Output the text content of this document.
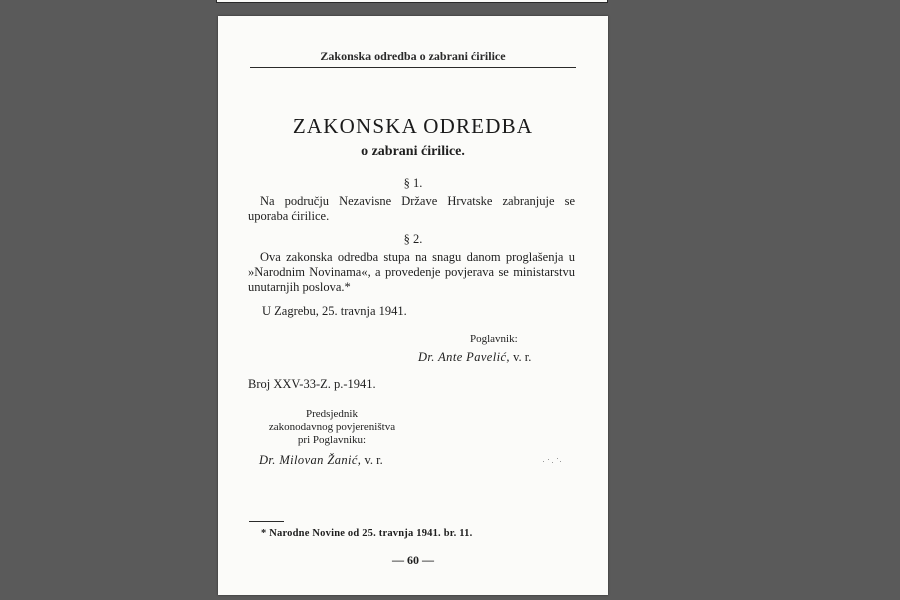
Zakonska odredba o zabrani ćirilice

ZAKONSKA ODREDBA

o zabrani ćirilice.

§ 1.

Na području Nezavisne Države Hrvatske zabranjuje se uporaba ćirilice.

§ 2.

Ova zakonska odredba stupa na snagu danom proglašenja u »Narodnim Novinama«, a provedenje povjerava se ministarstvu unutarnjih poslova.*

U Zagrebu, 25. travnja 1941.

Poglavnik:

Dr. Ante Pavelić, v. r.

Broj XXV-33-Z. p.-1941.

Predsjednik
zakonodavnog povjereništva
pri Poglavniku:

Dr. Milovan Žanić, v. r.

* Narodne Novine od 25. travnja 1941. br. 11.

— 60 —
